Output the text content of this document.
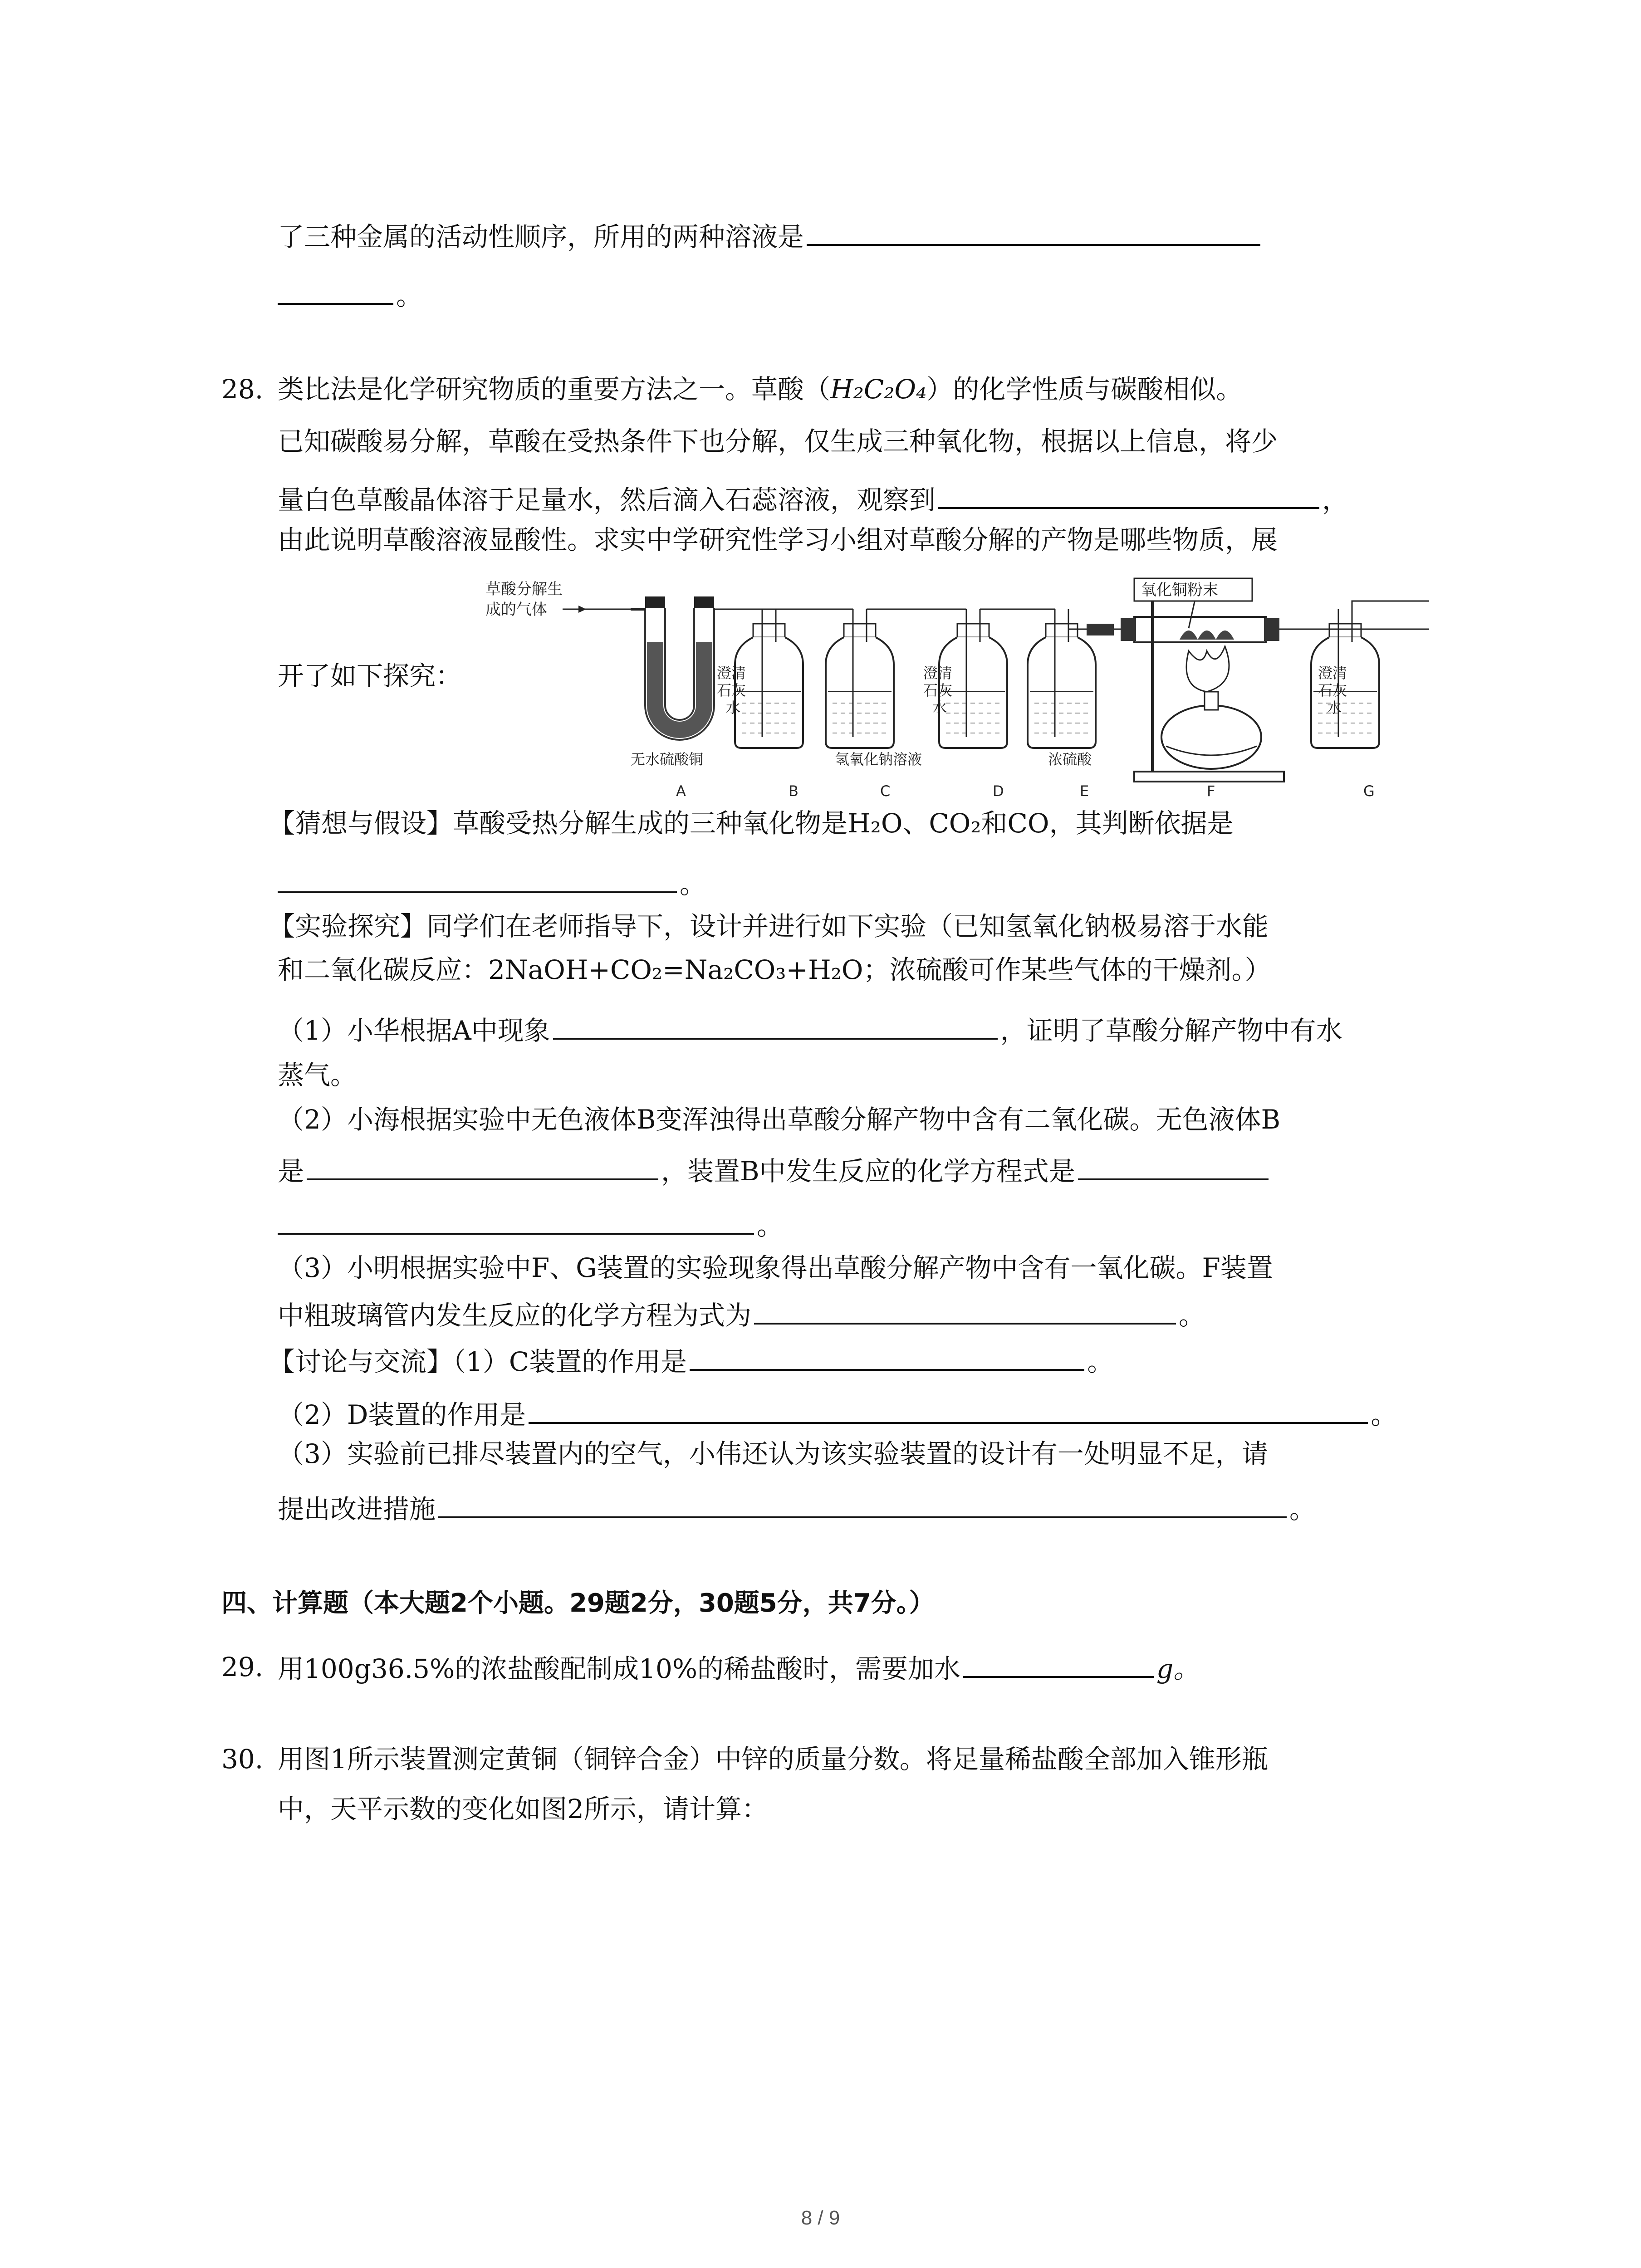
了三种金属的活动性顺序，所用的两种溶液是
。
28. 类比法是化学研究物质的重要方法之一。草酸（H₂C₂O₄）的化学性质与碳酸相似。
已知碳酸易分解，草酸在受热条件下也分解，仅生成三种氧化物，根据以上信息，将少
量白色草酸晶体溶于足量水，然后滴入石蕊溶液，观察到	，
由此说明草酸溶液显酸性。求实中学研究性学习小组对草酸分解的产物是哪些物质，展
开了如下探究：
草酸分解生
成的气体
氧化铜粉末
澄清
石灰
水
澄清
石灰
水
澄清
石灰
水
无水硫酸铜	氢氧化钠溶液	浓硫酸
A	B	C	D	E	F	G
【猜想与假设】草酸受热分解生成的三种氧化物是H₂O、CO₂和CO，其判断依据是
。
【实验探究】同学们在老师指导下，设计并进行如下实验（已知氢氧化钠极易溶于水能
和二氧化碳反应：2NaOH+CO₂=Na₂CO₃+H₂O；浓硫酸可作某些气体的干燥剂。）
（1）小华根据A中现象	，证明了草酸分解产物中有水
蒸气。
（2）小海根据实验中无色液体B变浑浊得出草酸分解产物中含有二氧化碳。无色液体B
是	，装置B中发生反应的化学方程式是
。
（3）小明根据实验中F、G装置的实验现象得出草酸分解产物中含有一氧化碳。F装置
中粗玻璃管内发生反应的化学方程为式为	。
【讨论与交流】（1）C装置的作用是	。
（2）D装置的作用是	。
（3）实验前已排尽装置内的空气，小伟还认为该实验装置的设计有一处明显不足，请
提出改进措施	。
四、计算题（本大题2个小题。29题2分，30题5分，共7分。）
29. 用100g36.5%的浓盐酸配制成10%的稀盐酸时，需要加水	g。
30. 用图1所示装置测定黄铜（铜锌合金）中锌的质量分数。将足量稀盐酸全部加入锥形瓶
中，天平示数的变化如图2所示，请计算：
8 / 9
